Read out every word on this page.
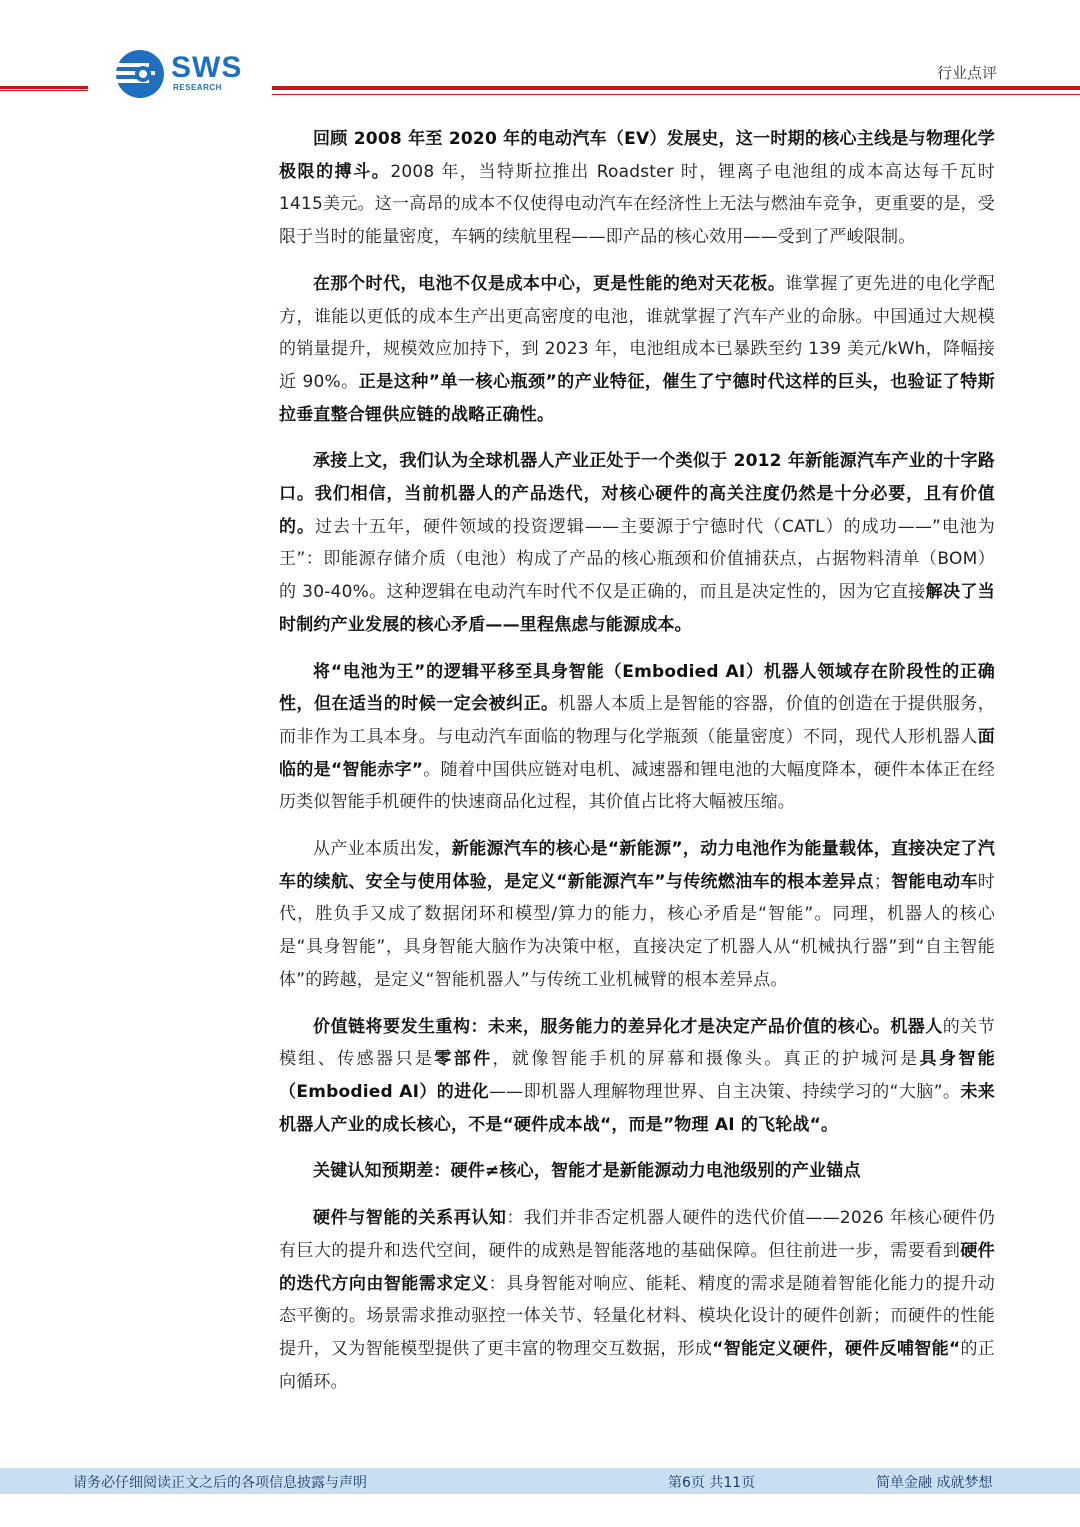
SWS
RESEARCH
行业点评

回顾 2008 年至 2020 年的电动汽车（EV）发展史，这一时期的核心主线是与物理化学极限的搏斗。2008 年，当特斯拉推出 Roadster 时，锂离子电池组的成本高达每千瓦时 1415美元。这一高昂的成本不仅使得电动汽车在经济性上无法与燃油车竞争，更重要的是，受限于当时的能量密度，车辆的续航里程——即产品的核心效用——受到了严峻限制。

在那个时代，电池不仅是成本中心，更是性能的绝对天花板。谁掌握了更先进的电化学配方，谁能以更低的成本生产出更高密度的电池，谁就掌握了汽车产业的命脉。中国通过大规模的销量提升，规模效应加持下，到 2023 年，电池组成本已暴跌至约 139 美元/kWh，降幅接近 90%。正是这种”单一核心瓶颈”的产业特征，催生了宁德时代这样的巨头，也验证了特斯拉垂直整合锂供应链的战略正确性。

承接上文，我们认为全球机器人产业正处于一个类似于 2012 年新能源汽车产业的十字路口。我们相信，当前机器人的产品迭代，对核心硬件的高关注度仍然是十分必要，且有价值的。过去十五年，硬件领域的投资逻辑——主要源于宁德时代（CATL）的成功——”电池为王”：即能源存储介质（电池）构成了产品的核心瓶颈和价值捕获点，占据物料清单（BOM）的 30-40%。这种逻辑在电动汽车时代不仅是正确的，而且是决定性的，因为它直接解决了当时制约产业发展的核心矛盾——里程焦虑与能源成本。

将“电池为王”的逻辑平移至具身智能（Embodied AI）机器人领域存在阶段性的正确性，但在适当的时候一定会被纠正。机器人本质上是智能的容器，价值的创造在于提供服务，而非作为工具本身。与电动汽车面临的物理与化学瓶颈（能量密度）不同，现代人形机器人面临的是“智能赤字”。随着中国供应链对电机、减速器和锂电池的大幅度降本，硬件本体正在经历类似智能手机硬件的快速商品化过程，其价值占比将大幅被压缩。

从产业本质出发，新能源汽车的核心是“新能源”，动力电池作为能量载体，直接决定了汽车的续航、安全与使用体验，是定义“新能源汽车”与传统燃油车的根本差异点；智能电动车时代，胜负手又成了数据闭环和模型/算力的能力，核心矛盾是“智能”。同理，机器人的核心是“具身智能”，具身智能大脑作为决策中枢，直接决定了机器人从“机械执行器”到“自主智能体”的跨越，是定义“智能机器人”与传统工业机械臂的根本差异点。

价值链将要发生重构：未来，服务能力的差异化才是决定产品价值的核心。机器人的关节模组、传感器只是零部件，就像智能手机的屏幕和摄像头。真正的护城河是具身智能（Embodied AI）的进化——即机器人理解物理世界、自主决策、持续学习的“大脑”。未来机器人产业的成长核心，不是“硬件成本战“，而是”物理 AI 的飞轮战“。

关键认知预期差：硬件≠核心，智能才是新能源动力电池级别的产业锚点

硬件与智能的关系再认知：我们并非否定机器人硬件的迭代价值——2026 年核心硬件仍有巨大的提升和迭代空间，硬件的成熟是智能落地的基础保障。但往前进一步，需要看到硬件的迭代方向由智能需求定义：具身智能对响应、能耗、精度的需求是随着智能化能力的提升动态平衡的。场景需求推动驱控一体关节、轻量化材料、模块化设计的硬件创新；而硬件的性能提升，又为智能模型提供了更丰富的物理交互数据，形成“智能定义硬件，硬件反哺智能“的正向循环。

请务必仔细阅读正文之后的各项信息披露与声明	第6页 共11页	简单金融 成就梦想
